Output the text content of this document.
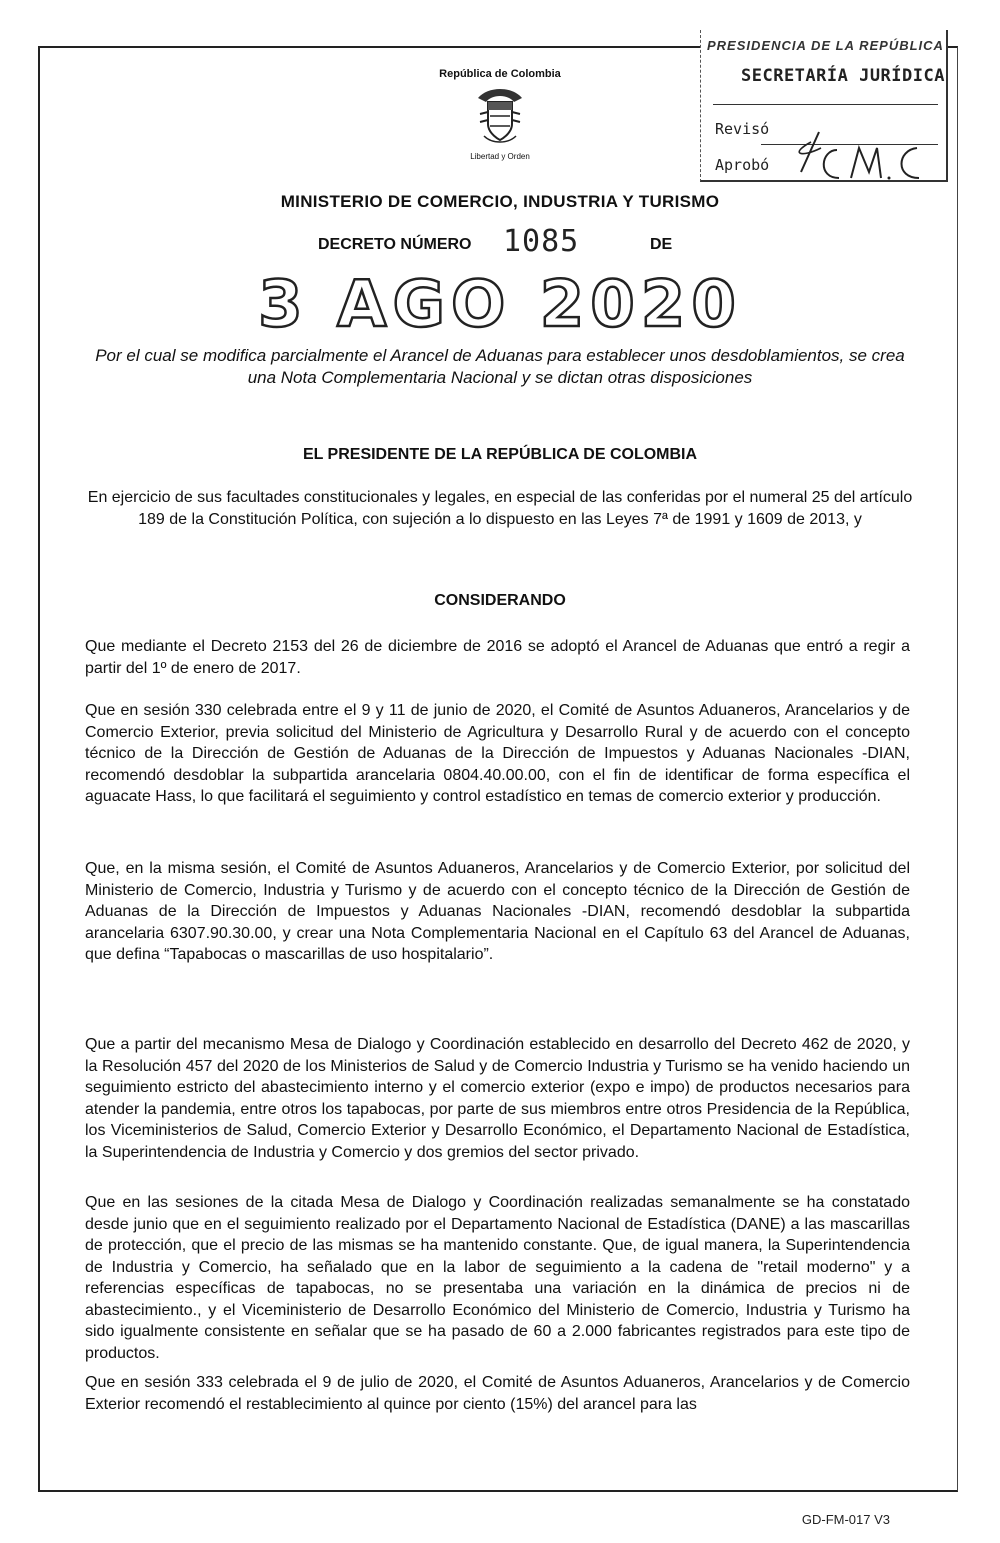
PRESIDENCIA DE LA REPÚBLICA
SECRETARÍA JURÍDICA
Revisó
Aprobó
República de Colombia
Libertad y Orden
MINISTERIO DE COMERCIO, INDUSTRIA Y TURISMO
DECRETO NÚMERO 1085	DE
3 AGO 2020
Por el cual se modifica parcialmente el Arancel de Aduanas para establecer unos desdoblamientos, se crea una Nota Complementaria Nacional y se dictan otras disposiciones
EL PRESIDENTE DE LA REPÚBLICA DE COLOMBIA
En ejercicio de sus facultades constitucionales y legales, en especial de las conferidas por el numeral 25 del artículo 189 de la Constitución Política, con sujeción a lo dispuesto en las Leyes 7ª de 1991 y 1609 de 2013, y
CONSIDERANDO
Que mediante el Decreto 2153 del 26 de diciembre de 2016 se adoptó el Arancel de Aduanas que entró a regir a partir del 1º de enero de 2017.
Que en sesión 330 celebrada entre el 9 y 11 de junio de 2020, el Comité de Asuntos Aduaneros, Arancelarios y de Comercio Exterior, previa solicitud del Ministerio de Agricultura y Desarrollo Rural y de acuerdo con el concepto técnico de la Dirección de Gestión de Aduanas de la Dirección de Impuestos y Aduanas Nacionales -DIAN, recomendó desdoblar la subpartida arancelaria 0804.40.00.00, con el fin de identificar de forma específica el aguacate Hass, lo que facilitará el seguimiento y control estadístico en temas de comercio exterior y producción.
Que, en la misma sesión, el Comité de Asuntos Aduaneros, Arancelarios y de Comercio Exterior, por solicitud del Ministerio de Comercio, Industria y Turismo y de acuerdo con el concepto técnico de la Dirección de Gestión de Aduanas de la Dirección de Impuestos y Aduanas Nacionales -DIAN, recomendó desdoblar la subpartida arancelaria 6307.90.30.00, y crear una Nota Complementaria Nacional en el Capítulo 63 del Arancel de Aduanas, que defina “Tapabocas o mascarillas de uso hospitalario”.
Que a partir del mecanismo Mesa de Dialogo y Coordinación establecido en desarrollo del Decreto 462 de 2020, y la Resolución 457 del 2020 de los Ministerios de Salud y de Comercio Industria y Turismo se ha venido haciendo un seguimiento estricto del abastecimiento interno y el comercio exterior (expo e impo) de productos necesarios para atender la pandemia, entre otros los tapabocas, por parte de sus miembros entre otros Presidencia de la República, los Viceministerios de Salud, Comercio Exterior y Desarrollo Económico, el Departamento Nacional de Estadística, la Superintendencia de Industria y Comercio y dos gremios del sector privado.
Que en las sesiones de la citada Mesa de Dialogo y Coordinación realizadas semanalmente se ha constatado desde junio que en el seguimiento realizado por el Departamento Nacional de Estadística (DANE) a las mascarillas de protección, que el precio de las mismas se ha mantenido constante. Que, de igual manera, la Superintendencia de Industria y Comercio, ha señalado que en la labor de seguimiento a la cadena de "retail moderno" y a referencias específicas de tapabocas, no se presentaba una variación en la dinámica de precios ni de abastecimiento., y el Viceministerio de Desarrollo Económico del Ministerio de Comercio, Industria y Turismo ha sido igualmente consistente en señalar que se ha pasado de 60 a 2.000 fabricantes registrados para este tipo de productos.
Que en sesión 333 celebrada el 9 de julio de 2020, el Comité de Asuntos Aduaneros, Arancelarios y de Comercio Exterior recomendó el restablecimiento al quince por ciento (15%) del arancel para las
GD-FM-017 V3
